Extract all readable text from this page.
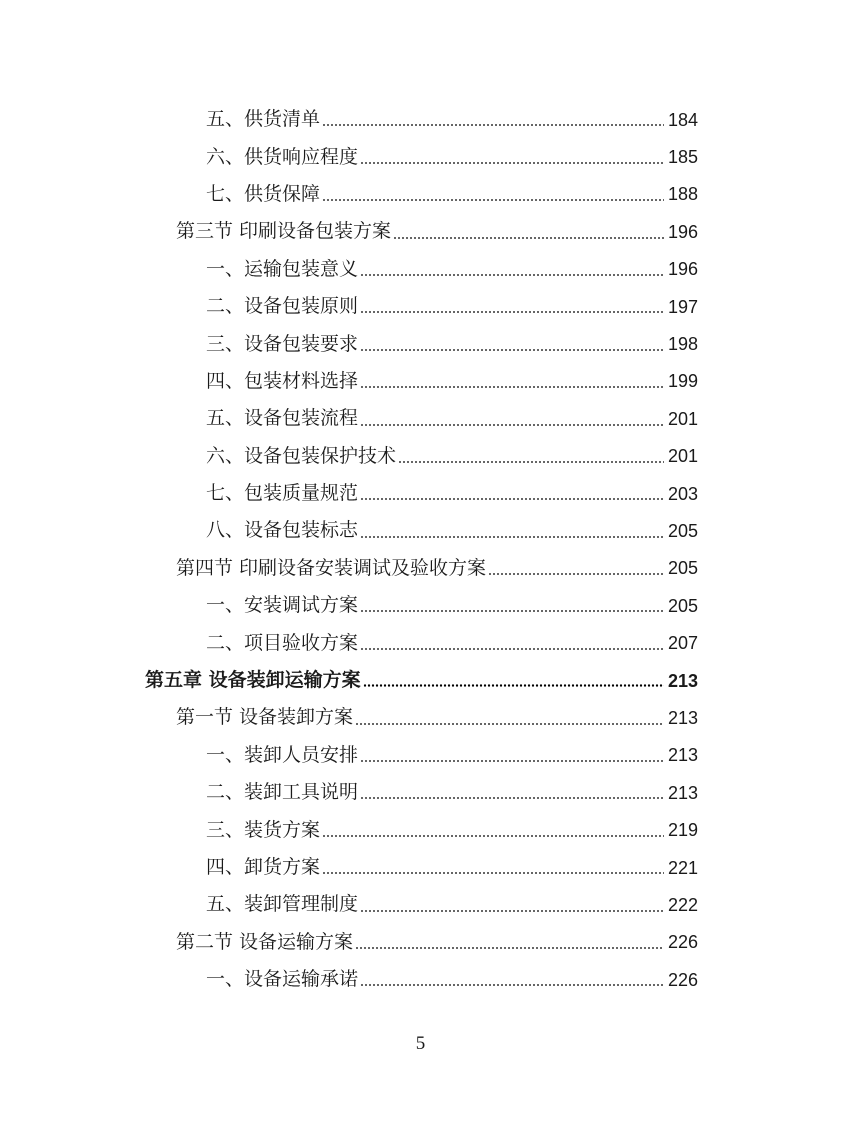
五、供货清单	184
六、供货响应程度	185
七、供货保障	188
第三节 印刷设备包装方案	196
一、运输包装意义	196
二、设备包装原则	197
三、设备包装要求	198
四、包装材料选择	199
五、设备包装流程	201
六、设备包装保护技术	201
七、包装质量规范	203
八、设备包装标志	205
第四节 印刷设备安装调试及验收方案	205
一、安装调试方案	205
二、项目验收方案	207
第五章 设备装卸运输方案	213
第一节 设备装卸方案	213
一、装卸人员安排	213
二、装卸工具说明	213
三、装货方案	219
四、卸货方案	221
五、装卸管理制度	222
第二节 设备运输方案	226
一、设备运输承诺	226
5
